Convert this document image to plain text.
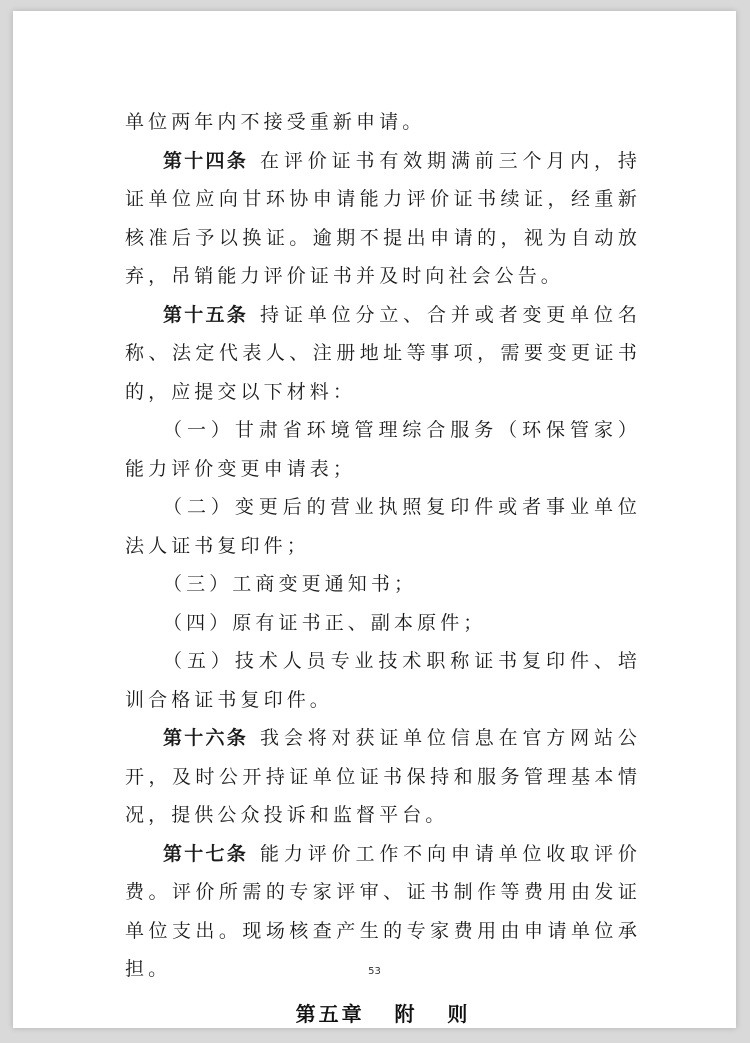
单位两年内不接受重新申请。

第十四条 在评价证书有效期满前三个月内，持证单位应向甘环协申请能力评价证书续证，经重新核准后予以换证。逾期不提出申请的，视为自动放弃，吊销能力评价证书并及时向社会公告。

第十五条 持证单位分立、合并或者变更单位名称、法定代表人、注册地址等事项，需要变更证书的，应提交以下材料：

（一）甘肃省环境管理综合服务（环保管家）能力评价变更申请表；

（二）变更后的营业执照复印件或者事业单位法人证书复印件；

（三）工商变更通知书；

（四）原有证书正、副本原件；

（五）技术人员专业技术职称证书复印件、培训合格证书复印件。

第十六条 我会将对获证单位信息在官方网站公开，及时公开持证单位证书保持和服务管理基本情况，提供公众投诉和监督平台。

第十七条 能力评价工作不向申请单位收取评价费。评价所需的专家评审、证书制作等费用由发证单位支出。现场核查产生的专家费用由申请单位承担。

第五章   附   则
53
